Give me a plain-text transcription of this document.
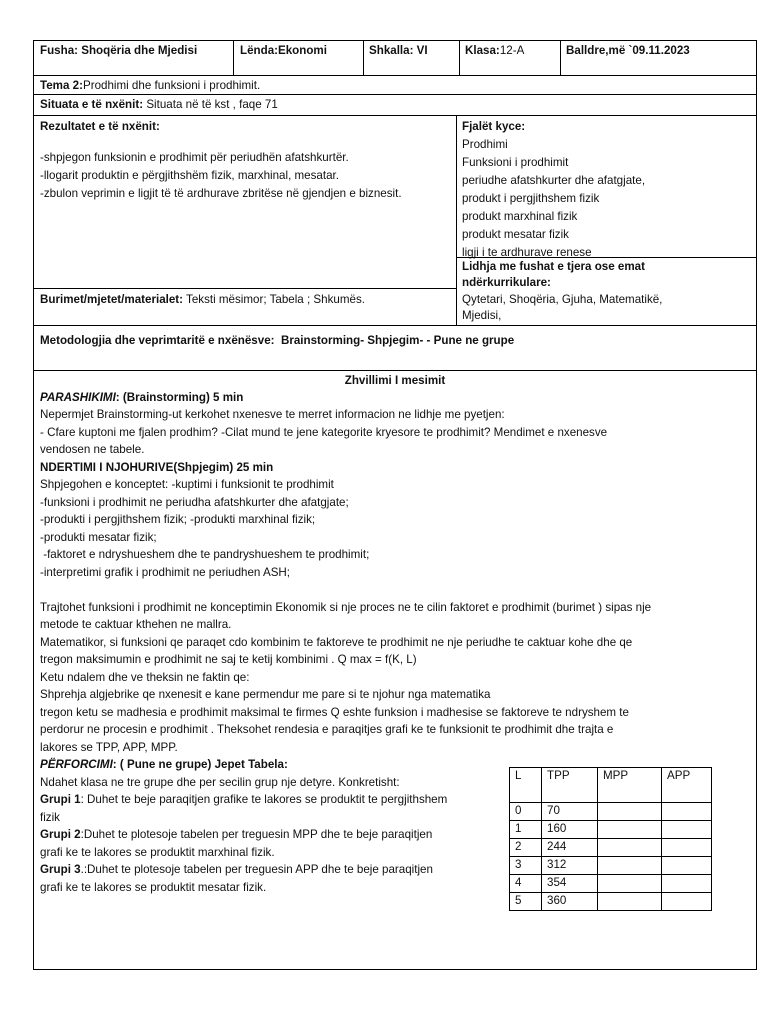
Fusha: Shoqëria dhe Mjedisi	Lënda:Ekonomi	Shkalla: VI	Klasa:12-A	Balldre,më `09.11.2023
Tema 2:Prodhimi dhe funksioni i prodhimit.
Situata e të nxënit: Situata në të kst , faqe 71
Rezultatet e të nxënit:
-shpjegon funksionin e prodhimit për periudhën afatshkurtër.
-llogarit produktin e përgjithshëm fizik, marxhinal, mesatar.
-zbulon veprimin e ligjit të të ardhurave zbritëse në gjendjen e biznesit.
Fjalët kyce:
Prodhimi
Funksioni i prodhimit
periudhe afatshkurter dhe afatgjate,
produkt i pergjithshem fizik
produkt marxhinal fizik
produkt mesatar fizik
ligji i te ardhurave renese
Lidhja me fushat e tjera ose emat
ndërkurrikulare:
Qytetari, Shoqëria, Gjuha, Matematikë,
Mjedisi,
Burimet/mjetet/materialet: Teksti mësimor; Tabela ; Shkumës.
Metodologjia dhe veprimtaritë e nxënësve: Brainstorming- Shpjegim- - Pune ne grupe
Zhvillimi I mesimit
PARASHIKIMI: (Brainstorming) 5 min
Nepermjet Brainstorming-ut kerkohet nxenesve te merret informacion ne lidhje me pyetjen:
- Cfare kuptoni me fjalen prodhim? -Cilat mund te jene kategorite kryesore te prodhimit? Mendimet e nxenesve
vendosen ne tabele.
NDERTIMI I NJOHURIVE(Shpjegim) 25 min
Shpjegohen e konceptet: -kuptimi i funksionit te prodhimit
-funksioni i prodhimit ne periudha afatshkurter dhe afatgjate;
-produkti i pergjithshem fizik; -produkti marxhinal fizik;
-produkti mesatar fizik;
-faktoret e ndryshueshem dhe te pandryshueshem te prodhimit;
-interpretimi grafik i prodhimit ne periudhen ASH;
Trajtohet funksioni i prodhimit ne konceptimin Ekonomik si nje proces ne te cilin faktoret e prodhimit (burimet ) sipas nje
metode te caktuar kthehen ne mallra.
Matematikor, si funksioni qe paraqet cdo kombinim te faktoreve te prodhimit ne nje periudhe te caktuar kohe dhe qe
tregon maksimumin e prodhimit ne saj te ketij kombinimi . Q max = f(K, L)
Ketu ndalem dhe ve theksin ne faktin qe:
Shprehja algjebrike qe nxenesit e kane permendur me pare si te njohur nga matematika
tregon ketu se madhesia e prodhimit maksimal te firmes Q eshte funksion i madhesise se faktoreve te ndryshem te
perdorur ne procesin e prodhimit . Theksohet rendesia e paraqitjes grafi ke te funksionit te prodhimit dhe trajta e
lakores se TPP, APP, MPP.
PËRFORCIMI: ( Pune ne grupe) Jepet Tabela:
Ndahet klasa ne tre grupe dhe per secilin grup nje detyre. Konkretisht:
Grupi 1: Duhet te beje paraqitjen grafike te lakores se produktit te pergjithshem
fizik
Grupi 2:Duhet te plotesoje tabelen per treguesin MPP dhe te beje paraqitjen
grafi ke te lakores se produktit marxhinal fizik.
Grupi 3.:Duhet te plotesoje tabelen per treguesin APP dhe te beje paraqitjen
grafi ke te lakores se produktit mesatar fizik.
L	TPP	MPP	APP
0	70		
1	160		
2	244		
3	312		
4	354		
5	360		
